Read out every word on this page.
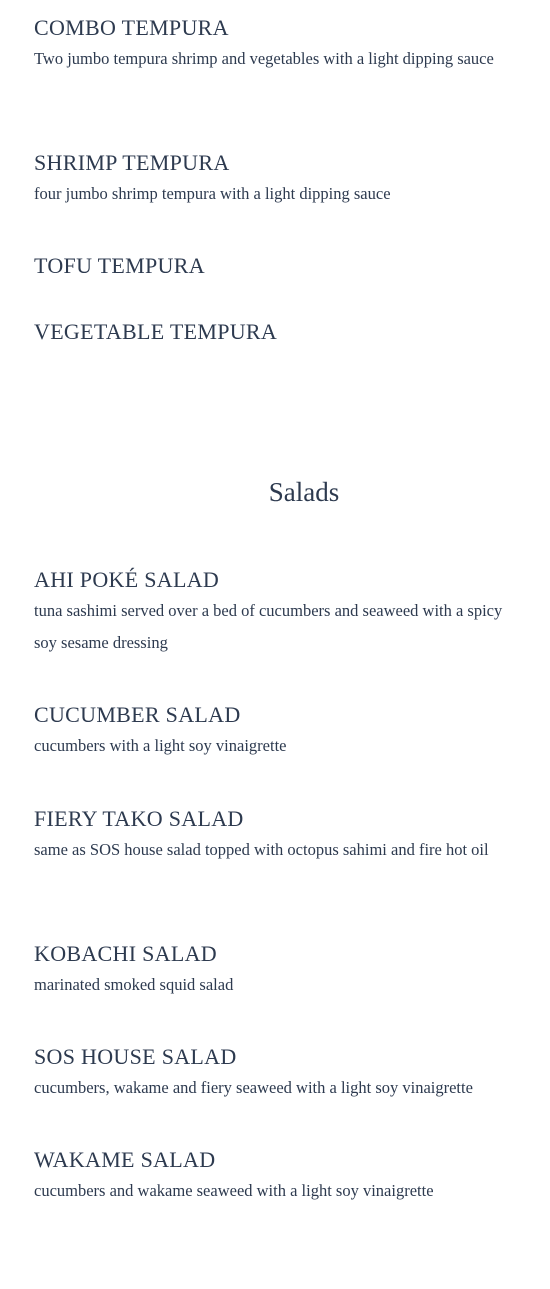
COMBO TEMPURA

Two jumbo tempura shrimp and vegetables with a light dipping sauce

SHRIMP TEMPURA

four jumbo shrimp tempura with a light dipping sauce

TOFU TEMPURA
VEGETABLE TEMPURA
Salads
AHI POKÉ SALAD

tuna sashimi served over a bed of cucumbers and seaweed with a spicy soy sesame dressing

CUCUMBER SALAD

cucumbers with a light soy vinaigrette

FIERY TAKO SALAD

same as SOS house salad topped with octopus sahimi and fire hot oil

KOBACHI SALAD

marinated smoked squid salad

SOS HOUSE SALAD

cucumbers, wakame and fiery seaweed with a light soy vinaigrette

WAKAME SALAD

cucumbers and wakame seaweed with a light soy vinaigrette
